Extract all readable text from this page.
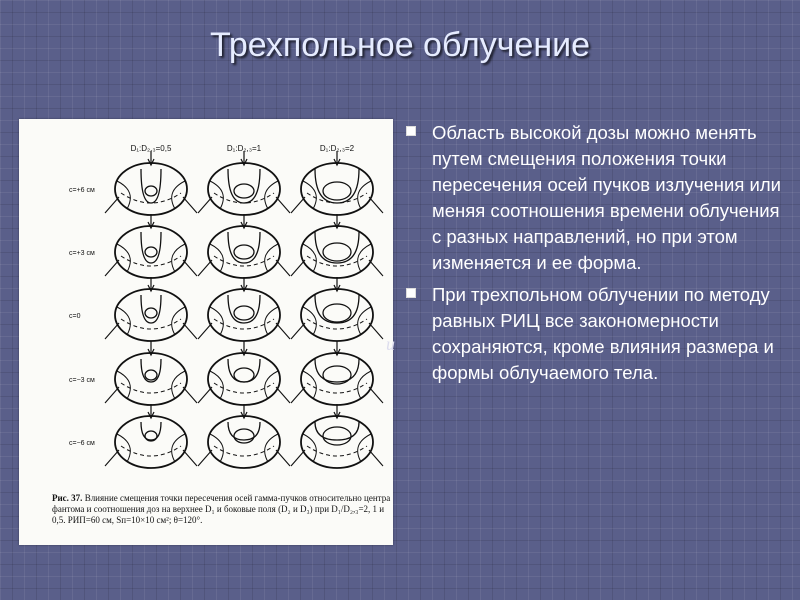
Трехпольное облучение
D₁:D₂,₃=0,5	D₁:D₂,₃=1	D₁:D₂,₃=2
c=+6 см
c=+3 см
c=0
c=−3 см
c=−6 см

Рис. 37. Влияние смещения точки пересечения осей гамма-пучков относительно центра фантома и соотношения доз на верхнее D₁ и боковые поля (D₂ и D₃) при D₁/D₂,₃=2, 1 и 0,5. РИП=60 см, Sп=10×10 см²; θ=120°.

и
Область высокой дозы можно менять путем смещения положения точки пересечения осей пучков излучения или меняя соотношения времени облучения с разных направлений, но при этом изменяется и ее форма.
При трехпольном облучении по методу равных РИЦ все закономерности сохраняются, кроме влияния размера и формы облучаемого тела.
